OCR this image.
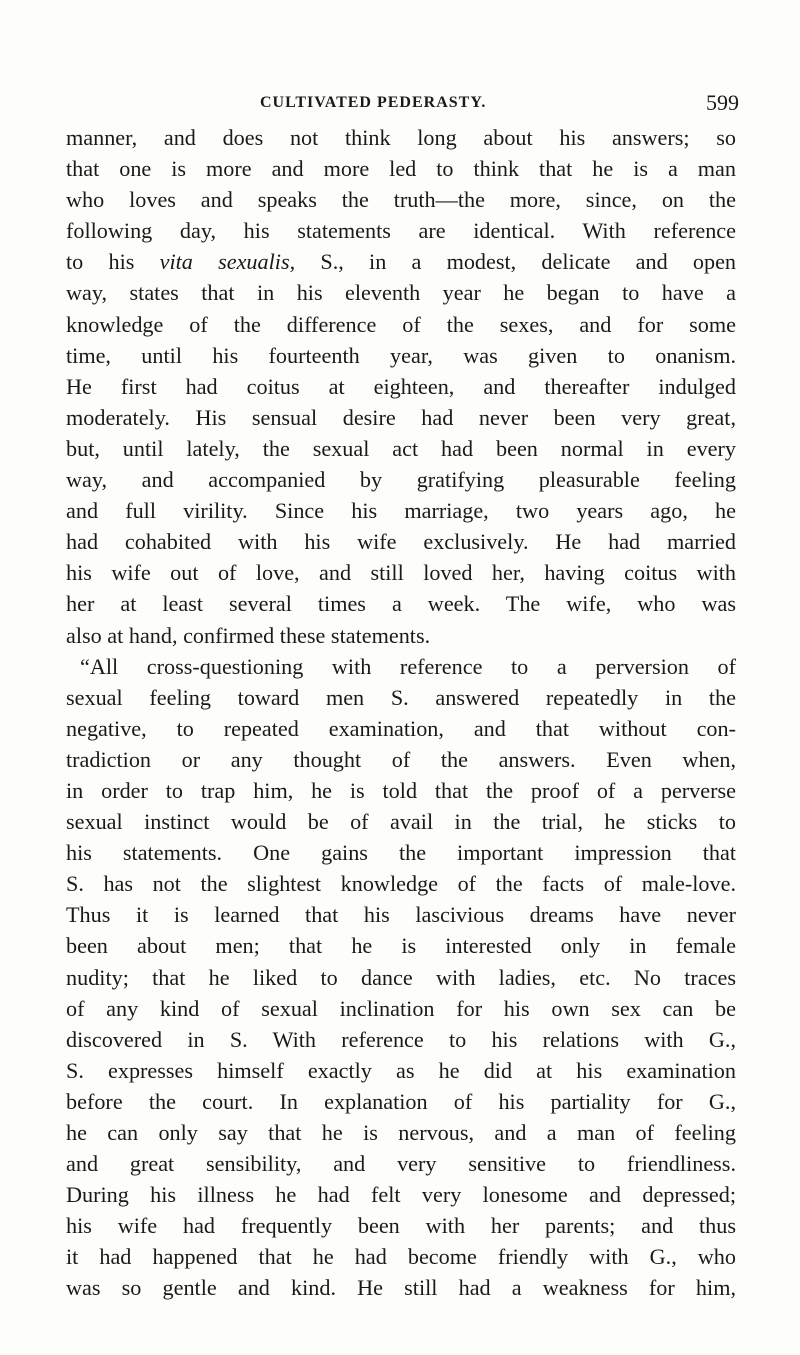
CULTIVATED PEDERASTY.	599
manner, and does not think long about his answers; so
that one is more and more led to think that he is a man
who loves and speaks the truth—the more, since, on the
following day, his statements are identical. With reference
to his vita sexualis, S., in a modest, delicate and open
way, states that in his eleventh year he began to have a
knowledge of the difference of the sexes, and for some
time, until his fourteenth year, was given to onanism.
He first had coitus at eighteen, and thereafter indulged
moderately. His sensual desire had never been very great,
but, until lately, the sexual act had been normal in every
way, and accompanied by gratifying pleasurable feeling
and full virility. Since his marriage, two years ago, he
had cohabited with his wife exclusively. He had married
his wife out of love, and still loved her, having coitus with
her at least several times a week. The wife, who was
also at hand, confirmed these statements.
“All cross-questioning with reference to a perversion of
sexual feeling toward men S. answered repeatedly in the
negative, to repeated examination, and that without con-
tradiction or any thought of the answers. Even when,
in order to trap him, he is told that the proof of a perverse
sexual instinct would be of avail in the trial, he sticks to
his statements. One gains the important impression that
S. has not the slightest knowledge of the facts of male-love.
Thus it is learned that his lascivious dreams have never
been about men; that he is interested only in female
nudity; that he liked to dance with ladies, etc. No traces
of any kind of sexual inclination for his own sex can be
discovered in S. With reference to his relations with G.,
S. expresses himself exactly as he did at his examination
before the court. In explanation of his partiality for G.,
he can only say that he is nervous, and a man of feeling
and great sensibility, and very sensitive to friendliness.
During his illness he had felt very lonesome and depressed;
his wife had frequently been with her parents; and thus
it had happened that he had become friendly with G., who
was so gentle and kind. He still had a weakness for him,
